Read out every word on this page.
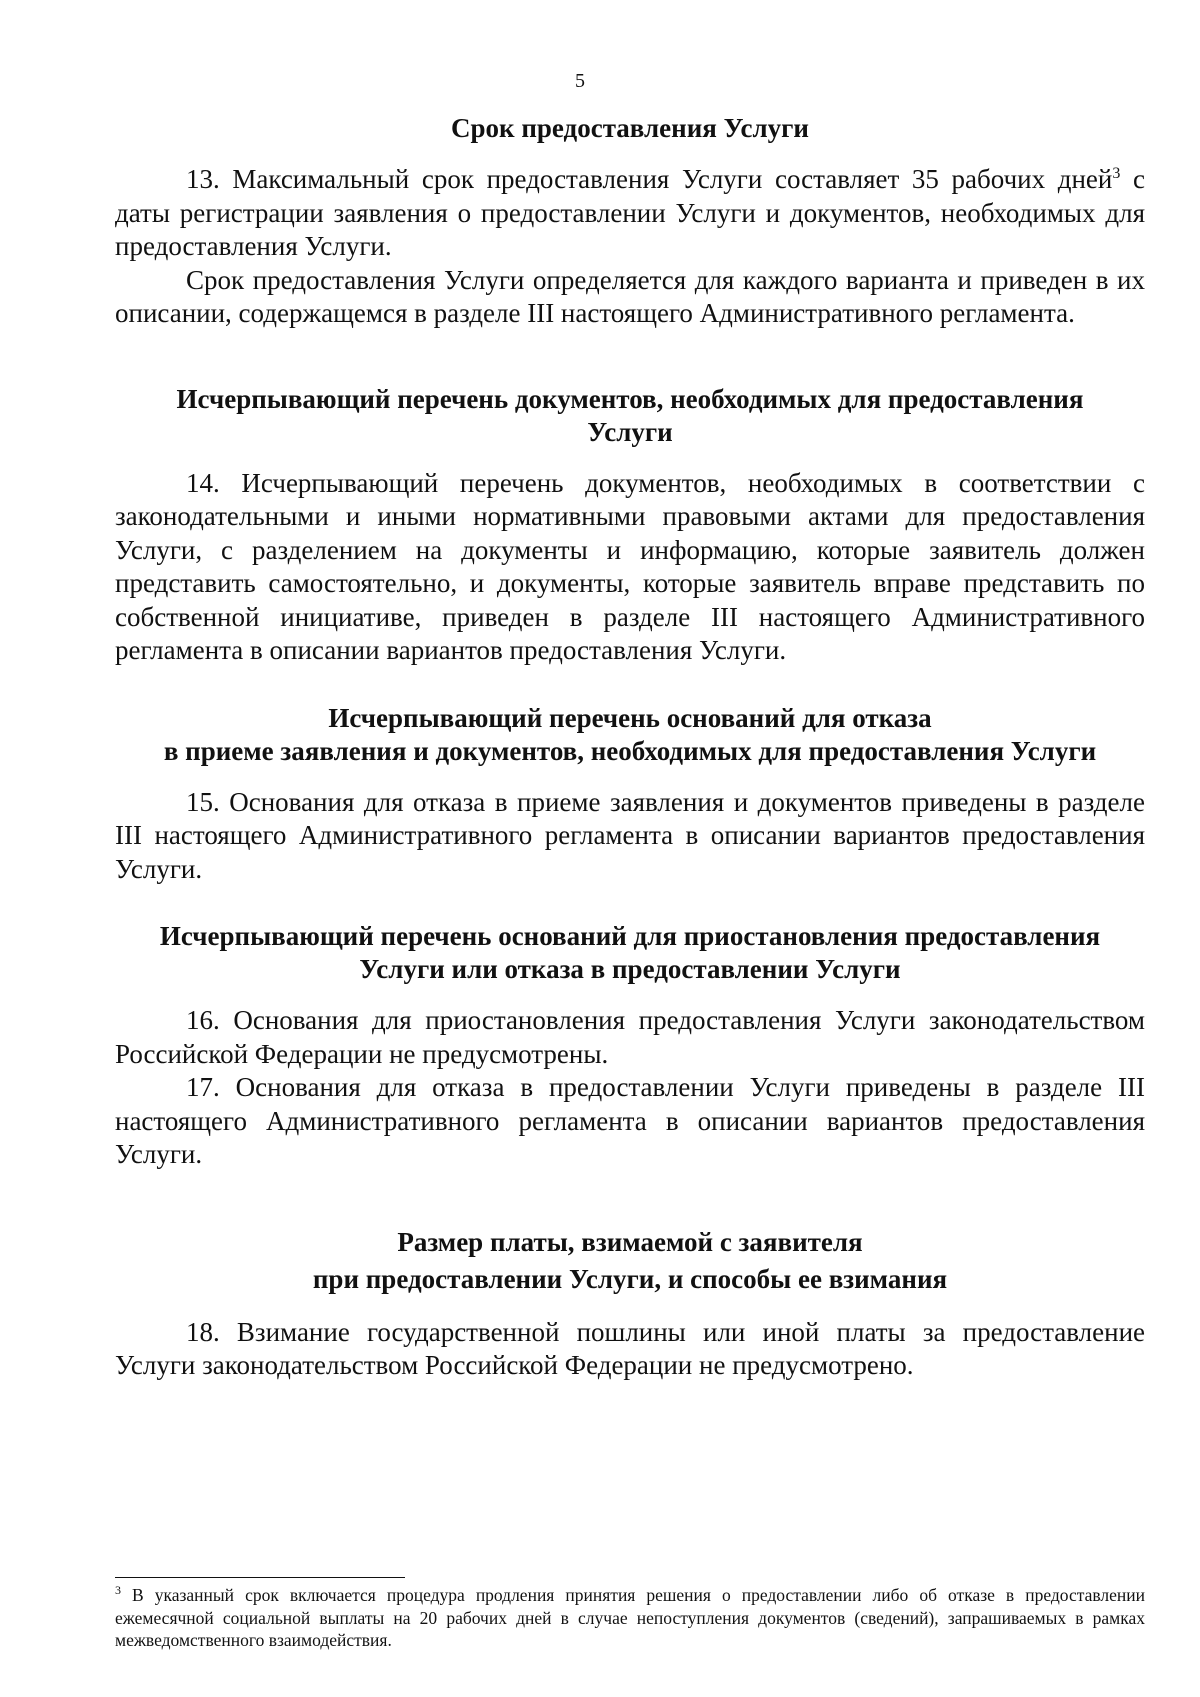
5

Срок предоставления Услуги

13. Максимальный срок предоставления Услуги составляет 35 рабочих дней$^3$ с даты регистрации заявления о предоставлении Услуги и документов, необходимых для предоставления Услуги.

Срок предоставления Услуги определяется для каждого варианта и приведен в их описании, содержащемся в разделе III настоящего Административного регламента.

Исчерпывающий перечень документов, необходимых для предоставления
Услуги

14. Исчерпывающий перечень документов, необходимых в соответствии с законодательными и иными нормативными правовыми актами для предоставления Услуги, с разделением на документы и информацию, которые заявитель должен представить самостоятельно, и документы, которые заявитель вправе представить по собственной инициативе, приведен в разделе III настоящего Административного регламента в описании вариантов предоставления Услуги.

Исчерпывающий перечень оснований для отказа
в приеме заявления и документов, необходимых для предоставления Услуги

15. Основания для отказа в приеме заявления и документов приведены в разделе III настоящего Административного регламента в описании вариантов предоставления Услуги.

Исчерпывающий перечень оснований для приостановления предоставления
Услуги или отказа в предоставлении Услуги

16. Основания для приостановления предоставления Услуги законодательством Российской Федерации не предусмотрены.

17. Основания для отказа в предоставлении Услуги приведены в разделе III настоящего Административного регламента в описании вариантов предоставления Услуги.

Размер платы, взимаемой с заявителя
при предоставлении Услуги, и способы ее взимания

18. Взимание государственной пошлины или иной платы за предоставление Услуги законодательством Российской Федерации не предусмотрено.

$^3$ В указанный срок включается процедура продления принятия решения о предоставлении либо об отказе в предоставлении ежемесячной социальной выплаты на 20 рабочих дней в случае непоступления документов (сведений), запрашиваемых в рамках межведомственного взаимодействия.
